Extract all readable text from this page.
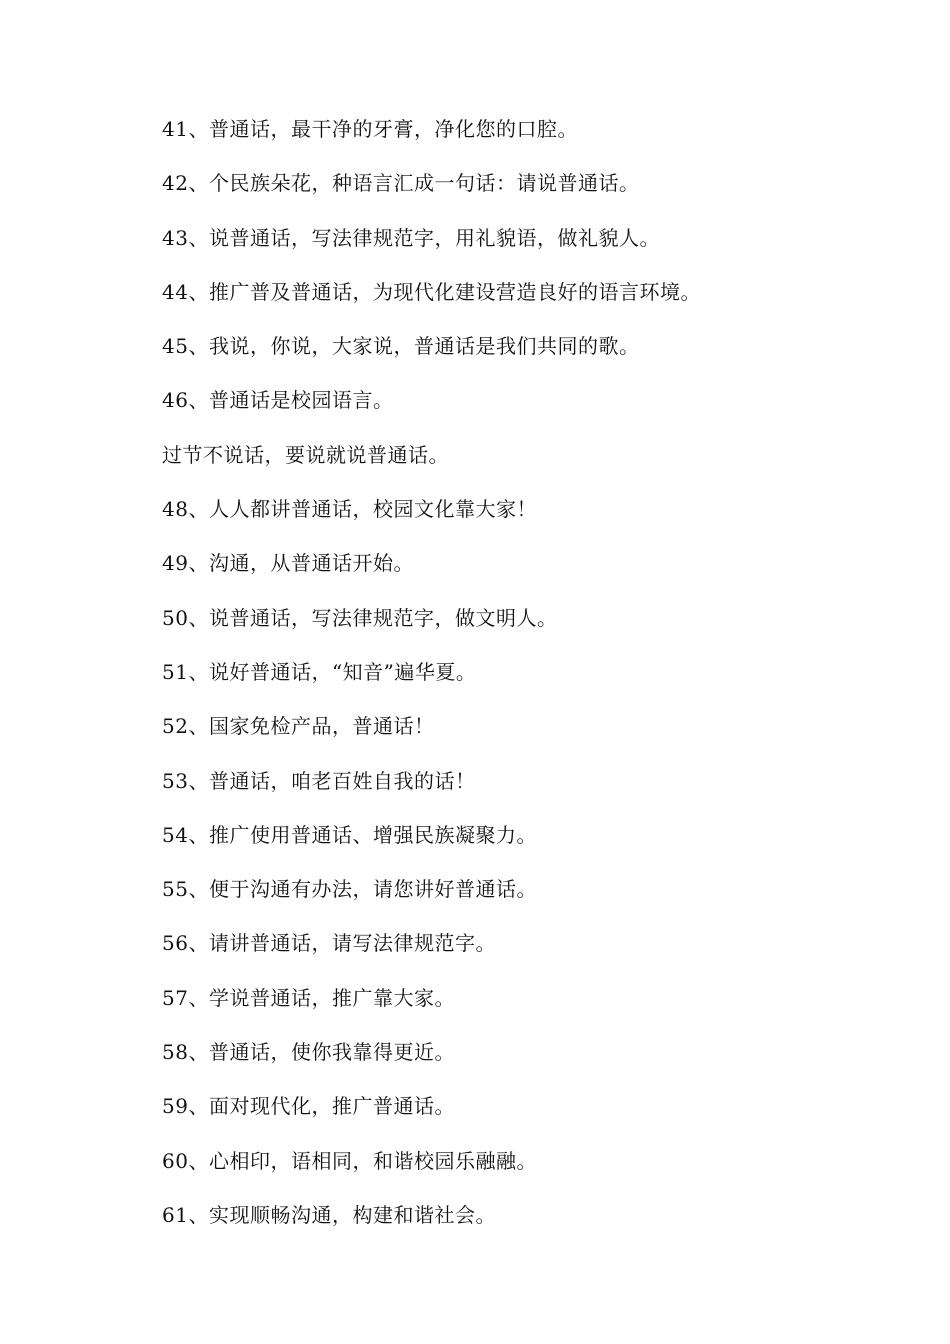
41、普通话，最干净的牙膏，净化您的口腔。
42、个民族朵花，种语言汇成一句话：请说普通话。
43、说普通话，写法律规范字，用礼貌语，做礼貌人。
44、推广普及普通话，为现代化建设营造良好的语言环境。
45、我说，你说，大家说，普通话是我们共同的歌。
46、普通话是校园语言。
过节不说话，要说就说普通话。
48、人人都讲普通话，校园文化靠大家！
49、沟通，从普通话开始。
50、说普通话，写法律规范字，做文明人。
51、说好普通话，“知音”遍华夏。
52、国家免检产品，普通话！
53、普通话，咱老百姓自我的话！
54、推广使用普通话、增强民族凝聚力。
55、便于沟通有办法，请您讲好普通话。
56、请讲普通话，请写法律规范字。
57、学说普通话，推广靠大家。
58、普通话，使你我靠得更近。
59、面对现代化，推广普通话。
60、心相印，语相同，和谐校园乐融融。
61、实现顺畅沟通，构建和谐社会。
